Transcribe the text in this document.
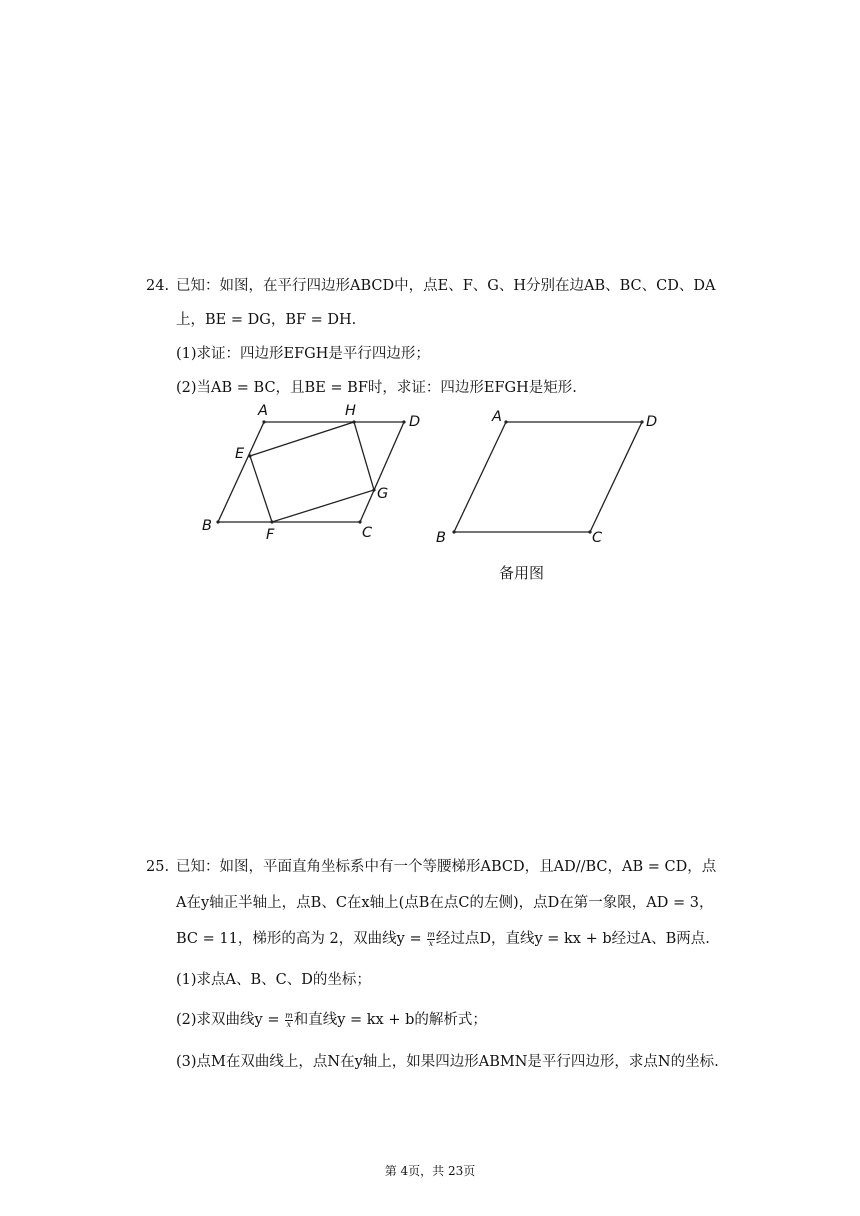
24. 已知：如图，在平行四边形ABCD中，点E、F、G、H分别在边AB、BC、CD、DA
上，BE = DG，BF = DH.
(1)求证：四边形EFGH是平行四边形；
(2)当AB = BC，且BE = BF时，求证：四边形EFGH是矩形.
A	H
D
E
G
B
F	C
A	D
B	C
备用图
25. 已知：如图，平面直角坐标系中有一个等腰梯形ABCD，且AD//BC，AB = CD，点
A在y轴正半轴上，点B、C在x轴上(点B在点C的左侧)，点D在第一象限，AD = 3，
BC = 11，梯形的高为 2，双曲线$y = \frac{m}{x}$ 经过点D，直线y = kx + b经过A、B两点.
(1)求点A、B、C、D的坐标；
(2)求双曲线$y = \frac{m}{x}$ 和直线y = kx + b的解析式；
(3)点M在双曲线上，点N在y轴上，如果四边形ABMN是平行四边形，求点N的坐标.
第 4页，共 23页
